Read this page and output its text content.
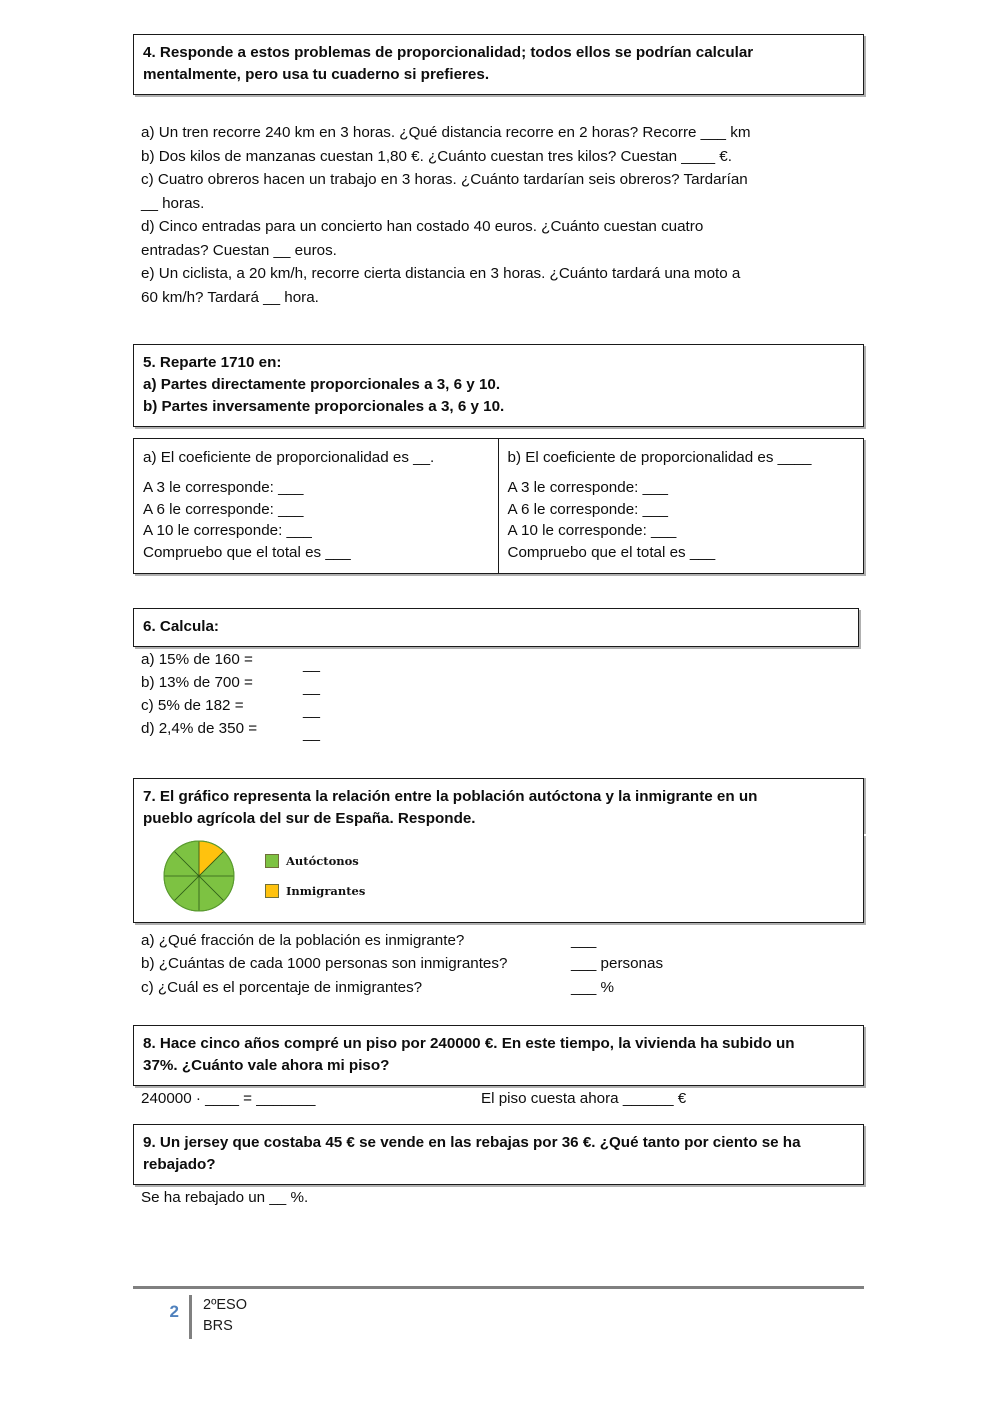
4. Responde a estos problemas de proporcionalidad; todos ellos se podrían calcular
mentalmente, pero usa tu cuaderno si prefieres.
a) Un tren recorre 240 km en 3 horas. ¿Qué distancia recorre en 2 horas? Recorre ___ km
b) Dos kilos de manzanas cuestan 1,80 €. ¿Cuánto cuestan tres kilos? Cuestan ____ €.
c) Cuatro obreros hacen un trabajo en 3 horas. ¿Cuánto tardarían seis obreros? Tardarían
__ horas.
d) Cinco entradas para un concierto han costado 40 euros. ¿Cuánto cuestan cuatro
entradas? Cuestan __ euros.
e) Un ciclista, a 20 km/h, recorre cierta distancia en 3 horas. ¿Cuánto tardará una moto a
60 km/h? Tardará __ hora.
5. Reparte 1710 en:
a) Partes directamente proporcionales a 3, 6 y 10.
b) Partes inversamente proporcionales a 3, 6 y 10.
a) El coeficiente de proporcionalidad es __.
A 3 le corresponde: ___
A 6 le corresponde: ___
A 10 le corresponde: ___
Compruebo que el total es ___
b) El coeficiente de proporcionalidad es ____
A 3 le corresponde: ___
A 6 le corresponde: ___
A 10 le corresponde: ___
Compruebo que el total es ___
6. Calcula:
a) 15% de 160 =	__
b) 13% de 700 =	__
c) 5% de 182 =	__
d) 2,4% de 350 =	__
7. El gráfico representa la relación entre la población autóctona y la inmigrante en un
pueblo agrícola del sur de España. Responde.
Autóctonos
Inmigrantes
a) ¿Qué fracción de la población es inmigrante?	___
b) ¿Cuántas de cada 1000 personas son inmigrantes?	___ personas
c) ¿Cuál es el porcentaje de inmigrantes?	___ %
8. Hace cinco años compré un piso por 240000 €. En este tiempo, la vivienda ha subido un
37%. ¿Cuánto vale ahora mi piso?
240000 · ____ = _______	El piso cuesta ahora ______ €
9. Un jersey que costaba 45 € se vende en las rebajas por 36 €. ¿Qué tanto por ciento se ha
rebajado?
Se ha rebajado un __ %.
2	2ºESO
BRS
